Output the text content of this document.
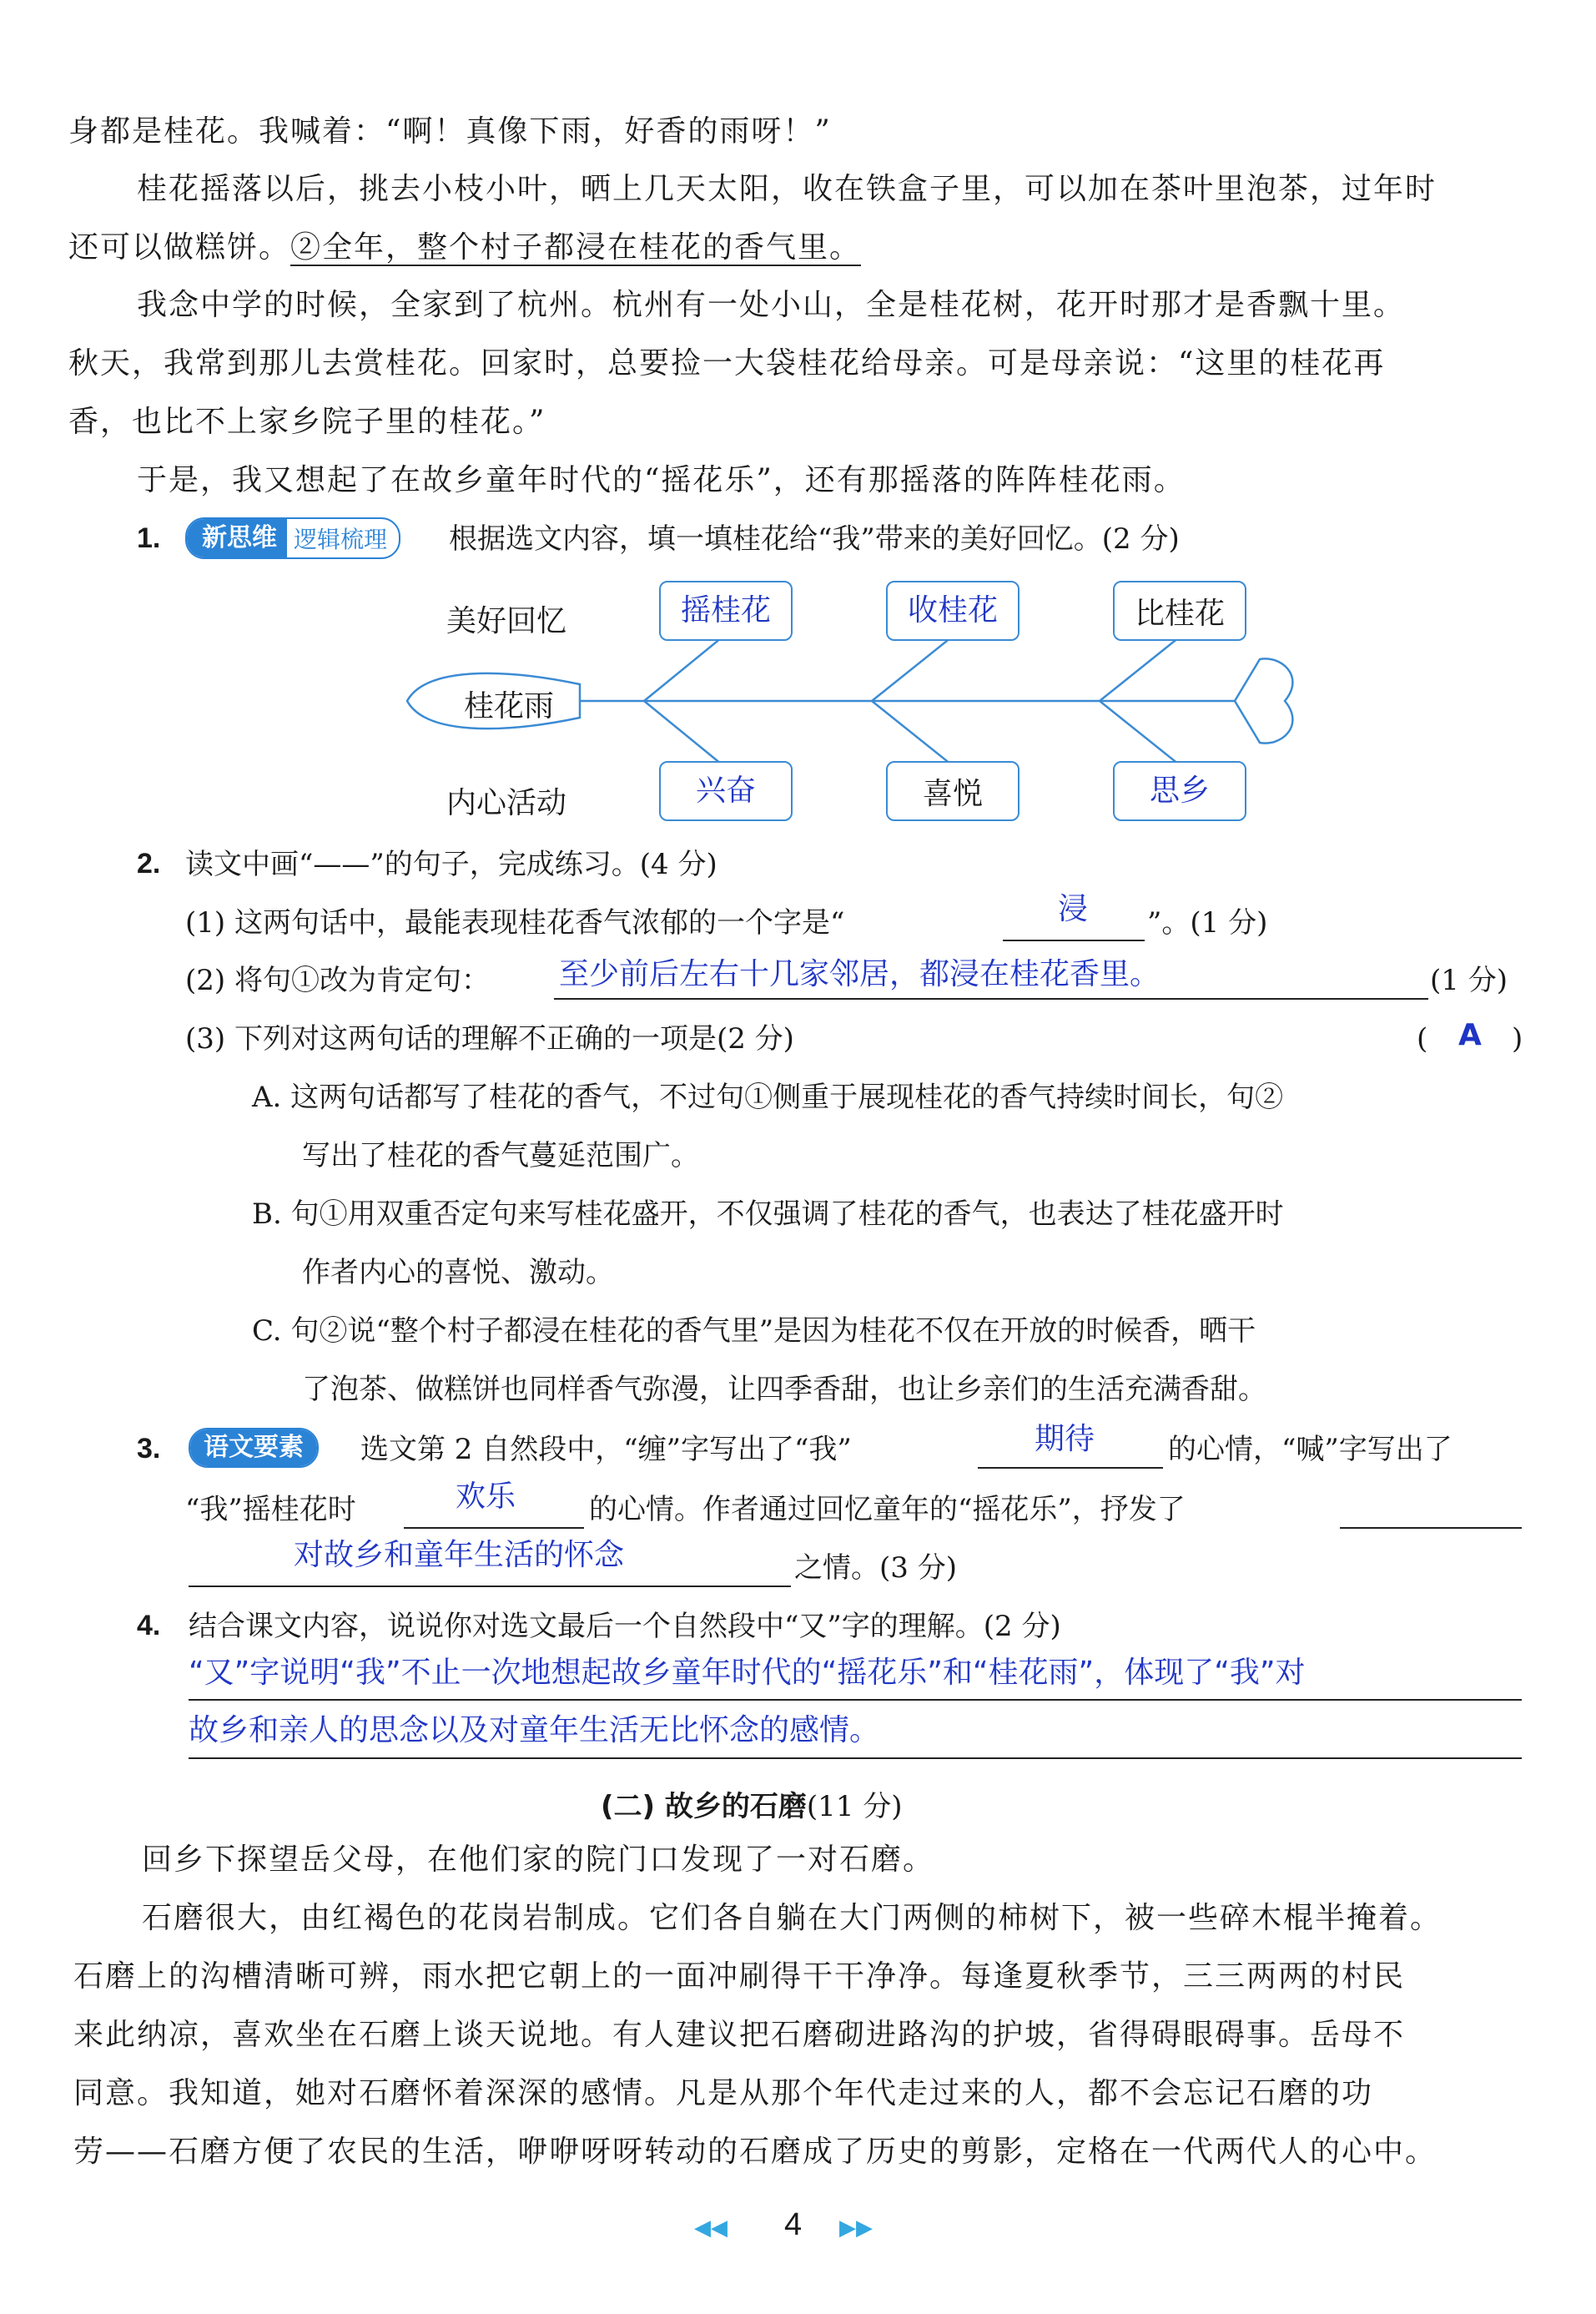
身都是桂花。我喊着：“啊！真像下雨，好香的雨呀！”
桂花摇落以后，挑去小枝小叶，晒上几天太阳，收在铁盒子里，可以加在茶叶里泡茶，过年时
还可以做糕饼。②全年，整个村子都浸在桂花的香气里。
我念中学的时候，全家到了杭州。杭州有一处小山，全是桂花树，花开时那才是香飘十里。
秋天，我常到那儿去赏桂花。回家时，总要捡一大袋桂花给母亲。可是母亲说：“这里的桂花再
香，也比不上家乡院子里的桂花。”
于是，我又想起了在故乡童年时代的“摇花乐”，还有那摇落的阵阵桂花雨。
1.	新思维 逻辑梳理	根据选文内容，填一填桂花给“我”带来的美好回忆。(2 分)
美好回忆
内心活动
桂花雨
摇桂花	收桂花	比桂花
兴奋	喜悦	思乡
2. 读文中画“——”的句子，完成练习。(4 分)
(1) 这两句话中，最能表现桂花香气浓郁的一个字是“	浸 ”。(1 分)
(2) 将句①改为肯定句： 至少前后左右十几家邻居，都浸在桂花香里。	(1 分)
(3) 下列对这两句话的理解不正确的一项是(2 分)	( A )
A. 这两句话都写了桂花的香气，不过句①侧重于展现桂花的香气持续时间长，句②
写出了桂花的香气蔓延范围广。
B. 句①用双重否定句来写桂花盛开，不仅强调了桂花的香气，也表达了桂花盛开时
作者内心的喜悦、激动。
C. 句②说“整个村子都浸在桂花的香气里”是因为桂花不仅在开放的时候香，晒干
了泡茶、做糕饼也同样香气弥漫，让四季香甜，也让乡亲们的生活充满香甜。
3.	语文要素	选文第 2 自然段中，“缠”字写出了“我”	期待	的心情，“喊”字写出了
“我”摇桂花时	欢乐	的心情。作者通过回忆童年的“摇花乐”，抒发了
对故乡和童年生活的怀念	之情。(3 分)
4. 结合课文内容，说说你对选文最后一个自然段中“又”字的理解。(2 分)
“又”字说明“我”不止一次地想起故乡童年时代的“摇花乐”和“桂花雨”，体现了“我”对
故乡和亲人的思念以及对童年生活无比怀念的感情。
(二) 故乡的石磨(11 分)
回乡下探望岳父母，在他们家的院门口发现了一对石磨。
石磨很大，由红褐色的花岗岩制成。它们各自躺在大门两侧的柿树下，被一些碎木棍半掩着。
石磨上的沟槽清晰可辨，雨水把它朝上的一面冲刷得干干净净。每逢夏秋季节，三三两两的村民
来此纳凉，喜欢坐在石磨上谈天说地。有人建议把石磨砌进路沟的护坡，省得碍眼碍事。岳母不
同意。我知道，她对石磨怀着深深的感情。凡是从那个年代走过来的人，都不会忘记石磨的功
劳——石磨方便了农民的生活，咿咿呀呀转动的石磨成了历史的剪影，定格在一代两代人的心中。
◀◀ 4 ▶▶
